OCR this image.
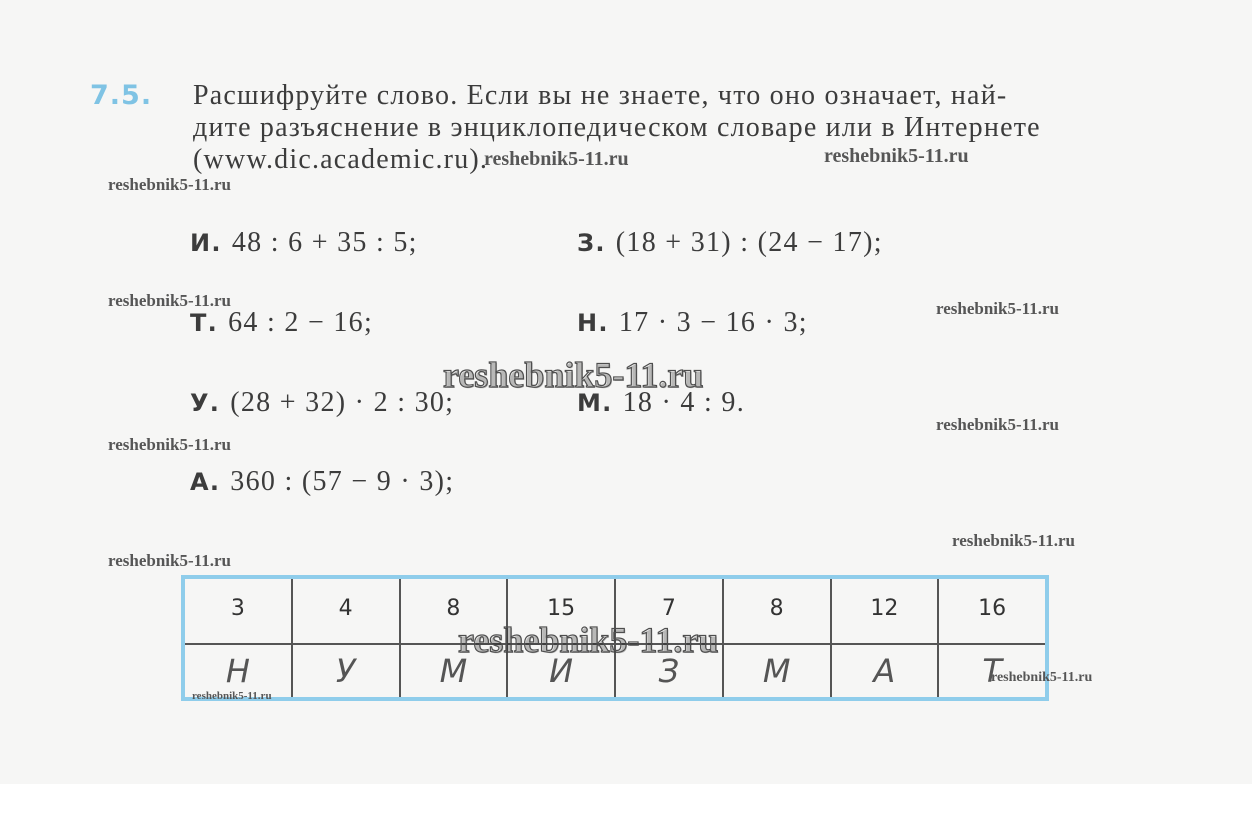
7.5. Расшифруйте слово. Если вы не знаете, что оно означает, най-
дите разъяснение в энциклопедическом словаре или в Интернете
(www.dic.academic.ru).

И. 48 : 6 + 35 : 5;	З. (18 + 31) : (24 − 17);
Т. 64 : 2 − 16;	Н. 17 · 3 − 16 · 3;
У. (28 + 32) · 2 : 30;	М. 18 · 4 : 9.
А. 360 : (57 − 9 · 3);
3	4	8	15	7	8	12	16
Н	У	М	И	З	М	А	Т
reshebnik5-11.ru
reshebnik5-11.ru	reshebnik5-11.ru
reshebnik5-11.ru	reshebnik5-11.ru
reshebnik5-11.ru
reshebnik5-11.ru
reshebnik5-11.ru
reshebnik5-11.ru
reshebnik5-11.ru
reshebnik5-11.ru
reshebnik5-11.ru
reshebnik5-11.ru
